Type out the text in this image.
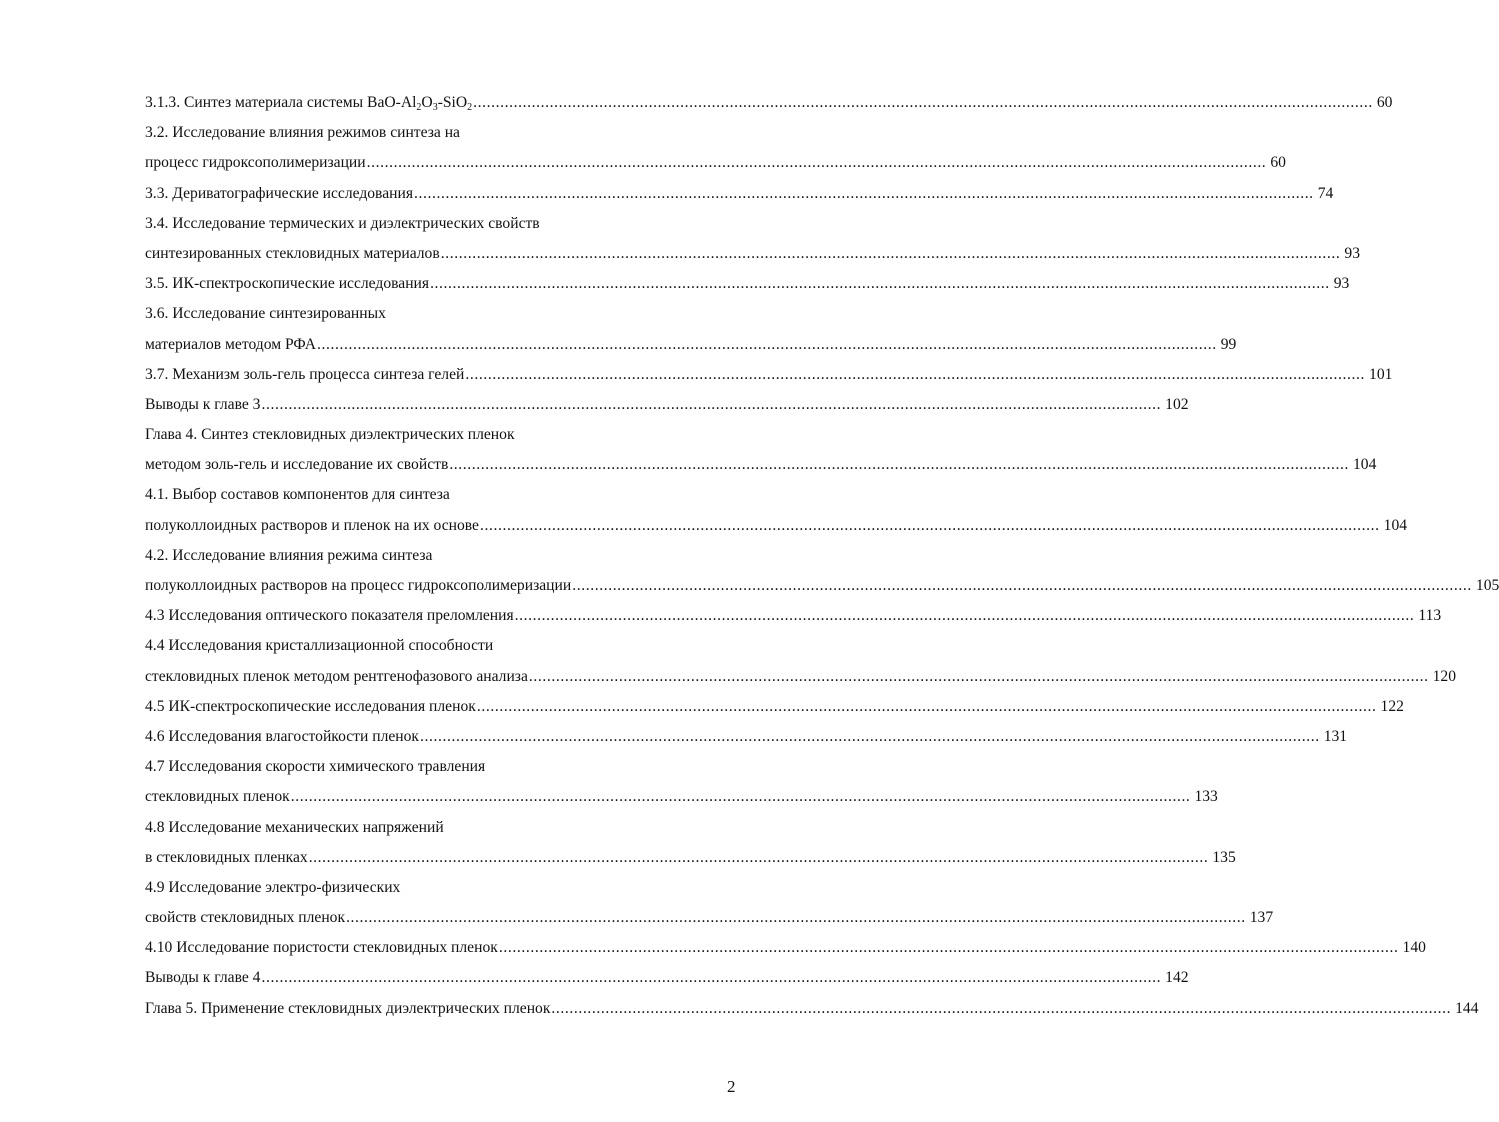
3.1.3. Синтез материала системы BaO-$Al_2O_3-SiO_2$ ........................................................................................................................................................................................................ 60
3.2. Исследование влияния режимов синтеза на
процесс гидроксополимеризации ........................................................................................................................................................................................................ 60
3.3. Дериватографические исследования ........................................................................................................................................................................................................ 74
3.4. Исследование термических и диэлектрических свойств
синтезированных стекловидных материалов ........................................................................................................................................................................................................ 93
3.5. ИК-спектроскопические исследования ........................................................................................................................................................................................................ 93
3.6. Исследование синтезированных
материалов методом РФА ........................................................................................................................................................................................................ 99
3.7. Механизм золь-гель процесса синтеза гелей ........................................................................................................................................................................................................ 101
Выводы к главе 3 ........................................................................................................................................................................................................ 102
Глава 4. Синтез стекловидных диэлектрических пленок
методом золь-гель и исследование их свойств ........................................................................................................................................................................................................ 104
4.1. Выбор составов компонентов для синтеза
полуколлоидных растворов и пленок на их основе ........................................................................................................................................................................................................ 104
4.2. Исследование влияния режима синтеза
полуколлоидных растворов на процесс гидроксополимеризации ........................................................................................................................................................................................................ 105
4.3 Исследования оптического показателя преломления ........................................................................................................................................................................................................ 113
4.4 Исследования кристаллизационной способности
стекловидных пленок методом рентгенофазового анализа ........................................................................................................................................................................................................ 120
4.5 ИК-спектроскопические исследования пленок ........................................................................................................................................................................................................ 122
4.6 Исследования влагостойкости пленок ........................................................................................................................................................................................................ 131
4.7 Исследования скорости химического травления
стекловидных пленок ........................................................................................................................................................................................................ 133
4.8 Исследование механических напряжений
в стекловидных пленках ........................................................................................................................................................................................................ 135
4.9 Исследование электро-физических
свойств стекловидных пленок ........................................................................................................................................................................................................ 137
4.10 Исследование пористости стекловидных пленок ........................................................................................................................................................................................................ 140
Выводы к главе 4 ........................................................................................................................................................................................................ 142
Глава 5. Применение стекловидных диэлектрических пленок ........................................................................................................................................................................................................ 144
2
